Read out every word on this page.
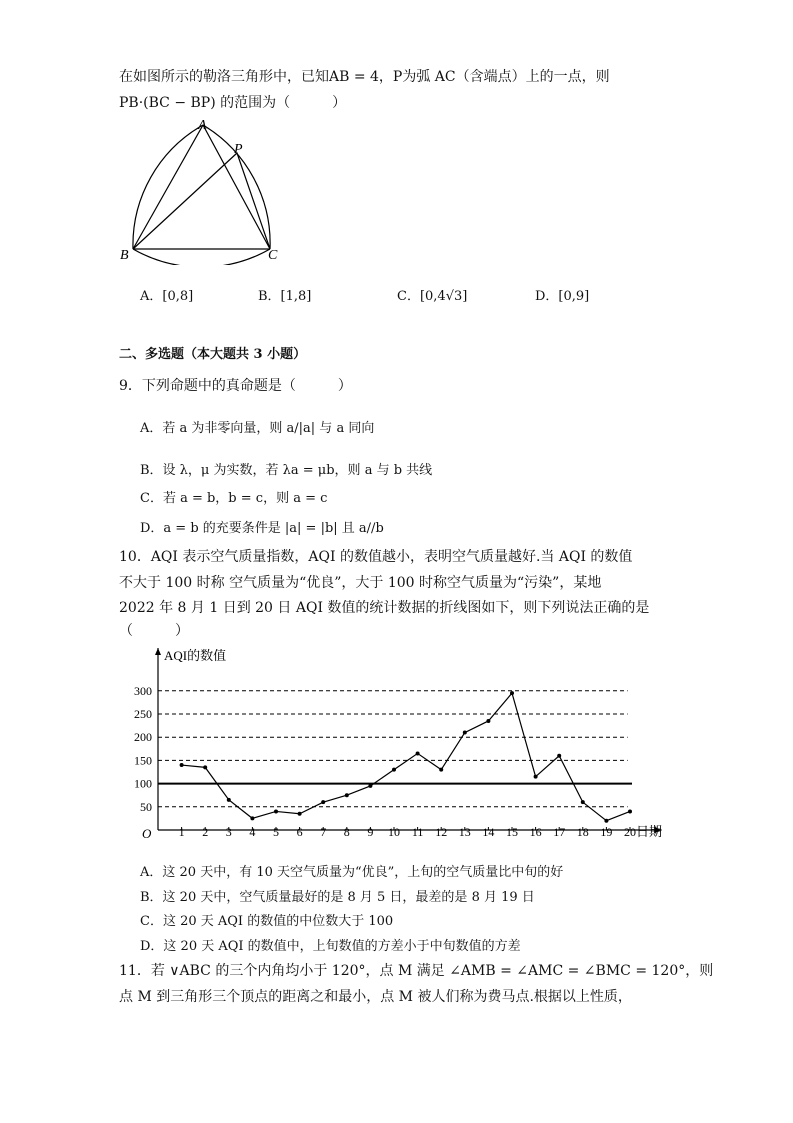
在如图所示的勒洛三角形中，已知AB = 4，P为弧 AC（含端点）上的一点，则
PB·(BC − BP) 的范围为（　　　）
A
P
B	C
A．[0,8]	B．[1,8]	C．[0,4√3]	D．[0,9]
二、多选题（本大题共 3 小题）
9．下列命题中的真命题是（　　　）
A．若 a 为非零向量，则 a/|a| 与 a 同向
B．设 λ，μ 为实数，若 λa = μb，则 a 与 b 共线
C．若 a = b，b = c，则 a = c
D．a = b 的充要条件是 |a| = |b| 且 a//b
10．AQI 表示空气质量指数，AQI 的数值越小，表明空气质量越好.当 AQI 的数值
不大于 100 时称 空气质量为“优良”，大于 100 时称空气质量为“污染”，某地
2022 年 8 月 1 日到 20 日 AQI 数值的统计数据的折线图如下，则下列说法正确的是
（　　　）
50
100
150
200
250
300
AQI的数值
日期
O 1 2 3 4 5 6 7 8 9 10 11 12 13 14 15 16 17 18 19 20
A．这 20 天中，有 10 天空气质量为“优良”，上旬的空气质量比中旬的好
B．这 20 天中，空气质量最好的是 8 月 5 日，最差的是 8 月 19 日
C．这 20 天 AQI 的数值的中位数大于 100
D．这 20 天 AQI 的数值中，上旬数值的方差小于中旬数值的方差
11．若 ∨ABC 的三个内角均小于 120°，点 M 满足 ∠AMB = ∠AMC = ∠BMC = 120°，则
点 M 到三角形三个顶点的距离之和最小，点 M 被人们称为费马点.根据以上性质，
